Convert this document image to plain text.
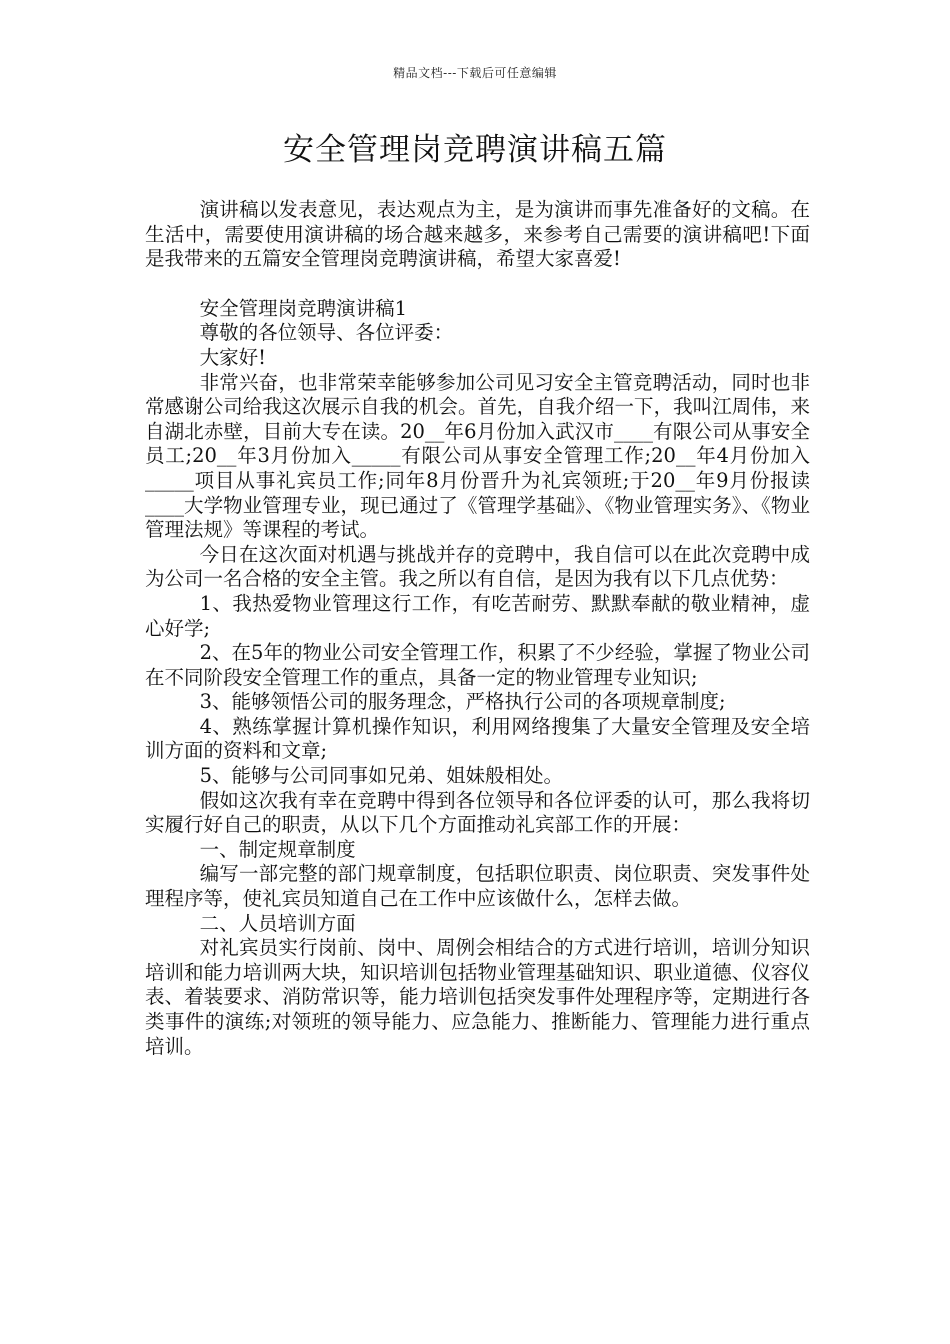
精品文档---下载后可任意编辑
安全管理岗竞聘演讲稿五篇

演讲稿以发表意见，表达观点为主，是为演讲而事先准备好的文稿。在生活中，需要使用演讲稿的场合越来越多，来参考自己需要的演讲稿吧!下面是我带来的五篇安全管理岗竞聘演讲稿，希望大家喜爱!

安全管理岗竞聘演讲稿1

尊敬的各位领导、各位评委：

大家好!

非常兴奋，也非常荣幸能够参加公司见习安全主管竞聘活动，同时也非常感谢公司给我这次展示自我的机会。首先，自我介绍一下，我叫江周伟，来自湖北赤壁，目前大专在读。20__年6月份加入武汉市____有限公司从事安全员工;20__年3月份加入_____有限公司从事安全管理工作;20__年4月份加入_____项目从事礼宾员工作;同年8月份晋升为礼宾领班;于20__年9月份报读____大学物业管理专业，现已通过了《管理学基础》、《物业管理实务》、《物业管理法规》等课程的考试。

今日在这次面对机遇与挑战并存的竞聘中，我自信可以在此次竞聘中成为公司一名合格的安全主管。我之所以有自信，是因为我有以下几点优势：

1、我热爱物业管理这行工作，有吃苦耐劳、默默奉献的敬业精神，虚心好学;

2、在5年的物业公司安全管理工作，积累了不少经验，掌握了物业公司在不同阶段安全管理工作的重点，具备一定的物业管理专业知识;

3、能够领悟公司的服务理念，严格执行公司的各项规章制度;

4、熟练掌握计算机操作知识，利用网络搜集了大量安全管理及安全培训方面的资料和文章;

5、能够与公司同事如兄弟、姐妹般相处。

假如这次我有幸在竞聘中得到各位领导和各位评委的认可，那么我将切实履行好自己的职责，从以下几个方面推动礼宾部工作的开展：

一、制定规章制度

编写一部完整的部门规章制度，包括职位职责、岗位职责、突发事件处理程序等，使礼宾员知道自己在工作中应该做什么，怎样去做。

二、人员培训方面

对礼宾员实行岗前、岗中、周例会相结合的方式进行培训，培训分知识培训和能力培训两大块，知识培训包括物业管理基础知识、职业道德、仪容仪表、着装要求、消防常识等，能力培训包括突发事件处理程序等，定期进行各类事件的演练;对领班的领导能力、应急能力、推断能力、管理能力进行重点培训。
